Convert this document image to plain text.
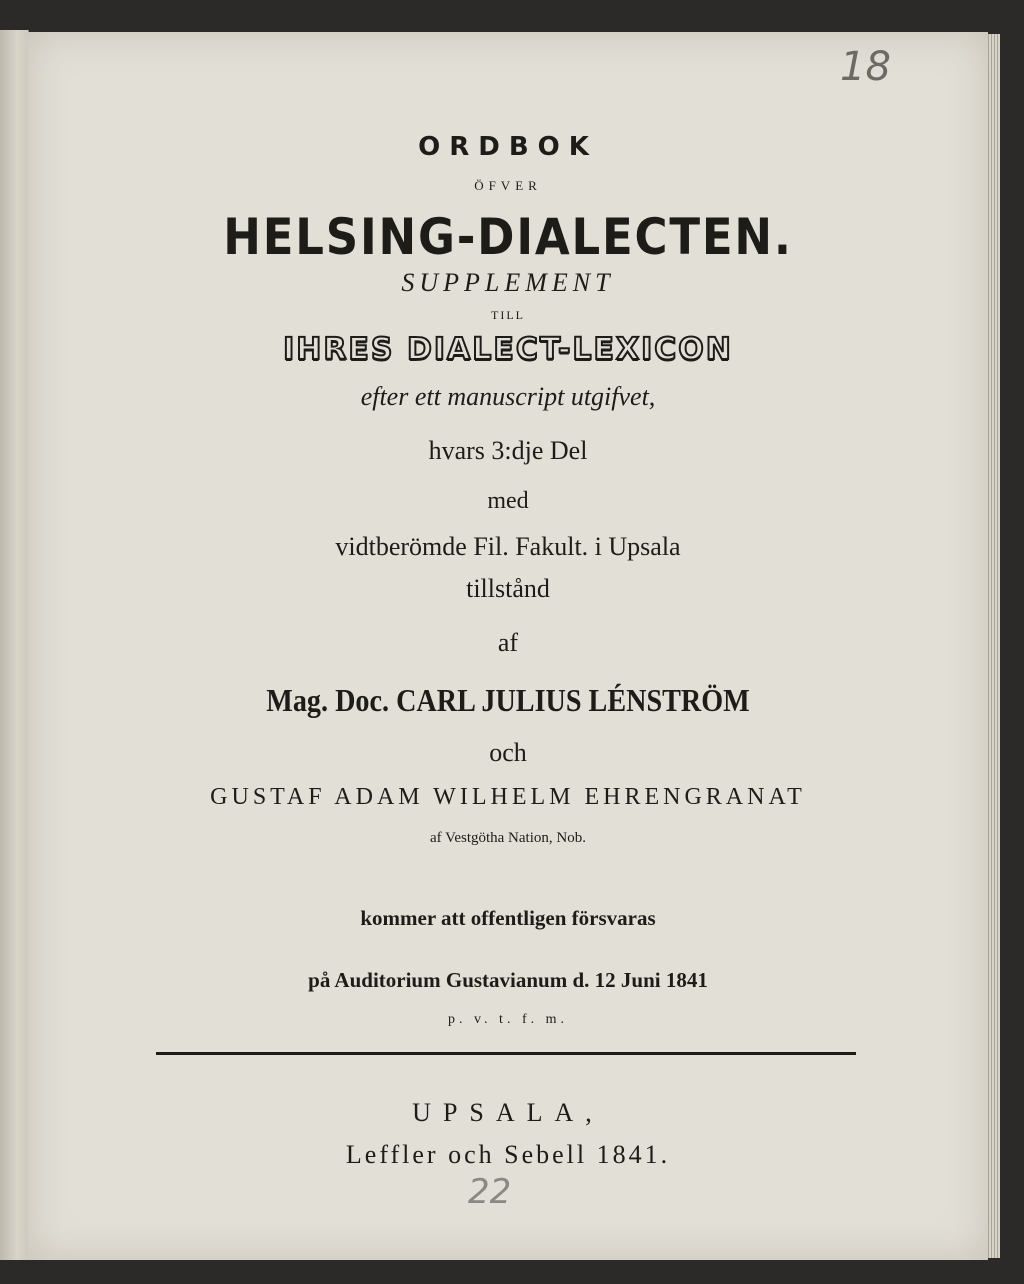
18
ORDBOK
ÖFVER
HELSING-DIALECTEN.
SUPPLEMENT
TILL
IHRES DIALECT-LEXICON
efter ett manuscript utgifvet,
hvars 3:dje Del
med
vidtberömde Fil. Fakult. i Upsala
tillstånd
af
Mag. Doc. CARL JULIUS LÉNSTRÖM
och
GUSTAF ADAM WILHELM EHRENGRANAT
af Vestgötha Nation, Nob.
kommer att offentligen försvaras
på Auditorium Gustavianum d. 12 Juni 1841
p. v. t. f. m.
UPSALA,
Leffler och Sebell 1841.
22
